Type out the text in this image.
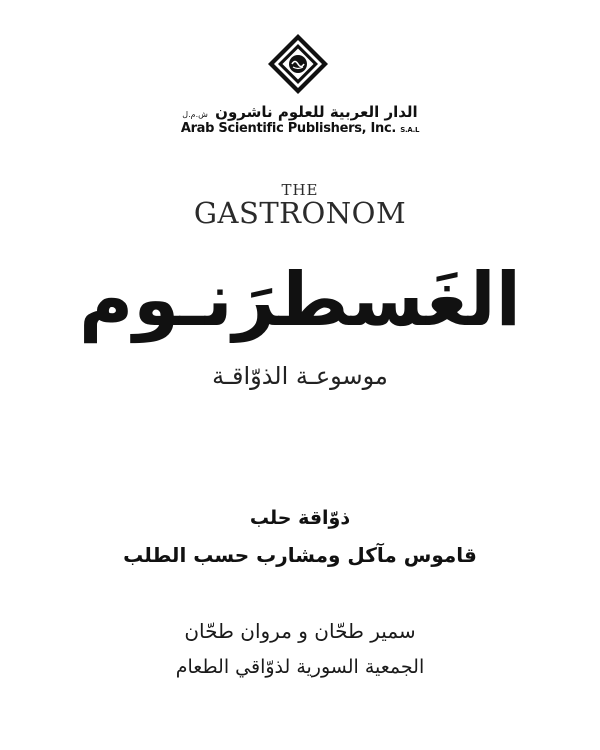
الدار العربية للعلوم ناشرون ش.م.ل
Arab Scientific Publishers, Inc. S.A.L
THE
GASTRONOM
الغَسطرَنـوم
موسوعـة الذوّاقـة
ذوّاقة حلب
قاموس مآكل ومشارب حسب الطلب
سمير طحّان و مروان طحّان
الجمعية السورية لذوّاقي الطعام
